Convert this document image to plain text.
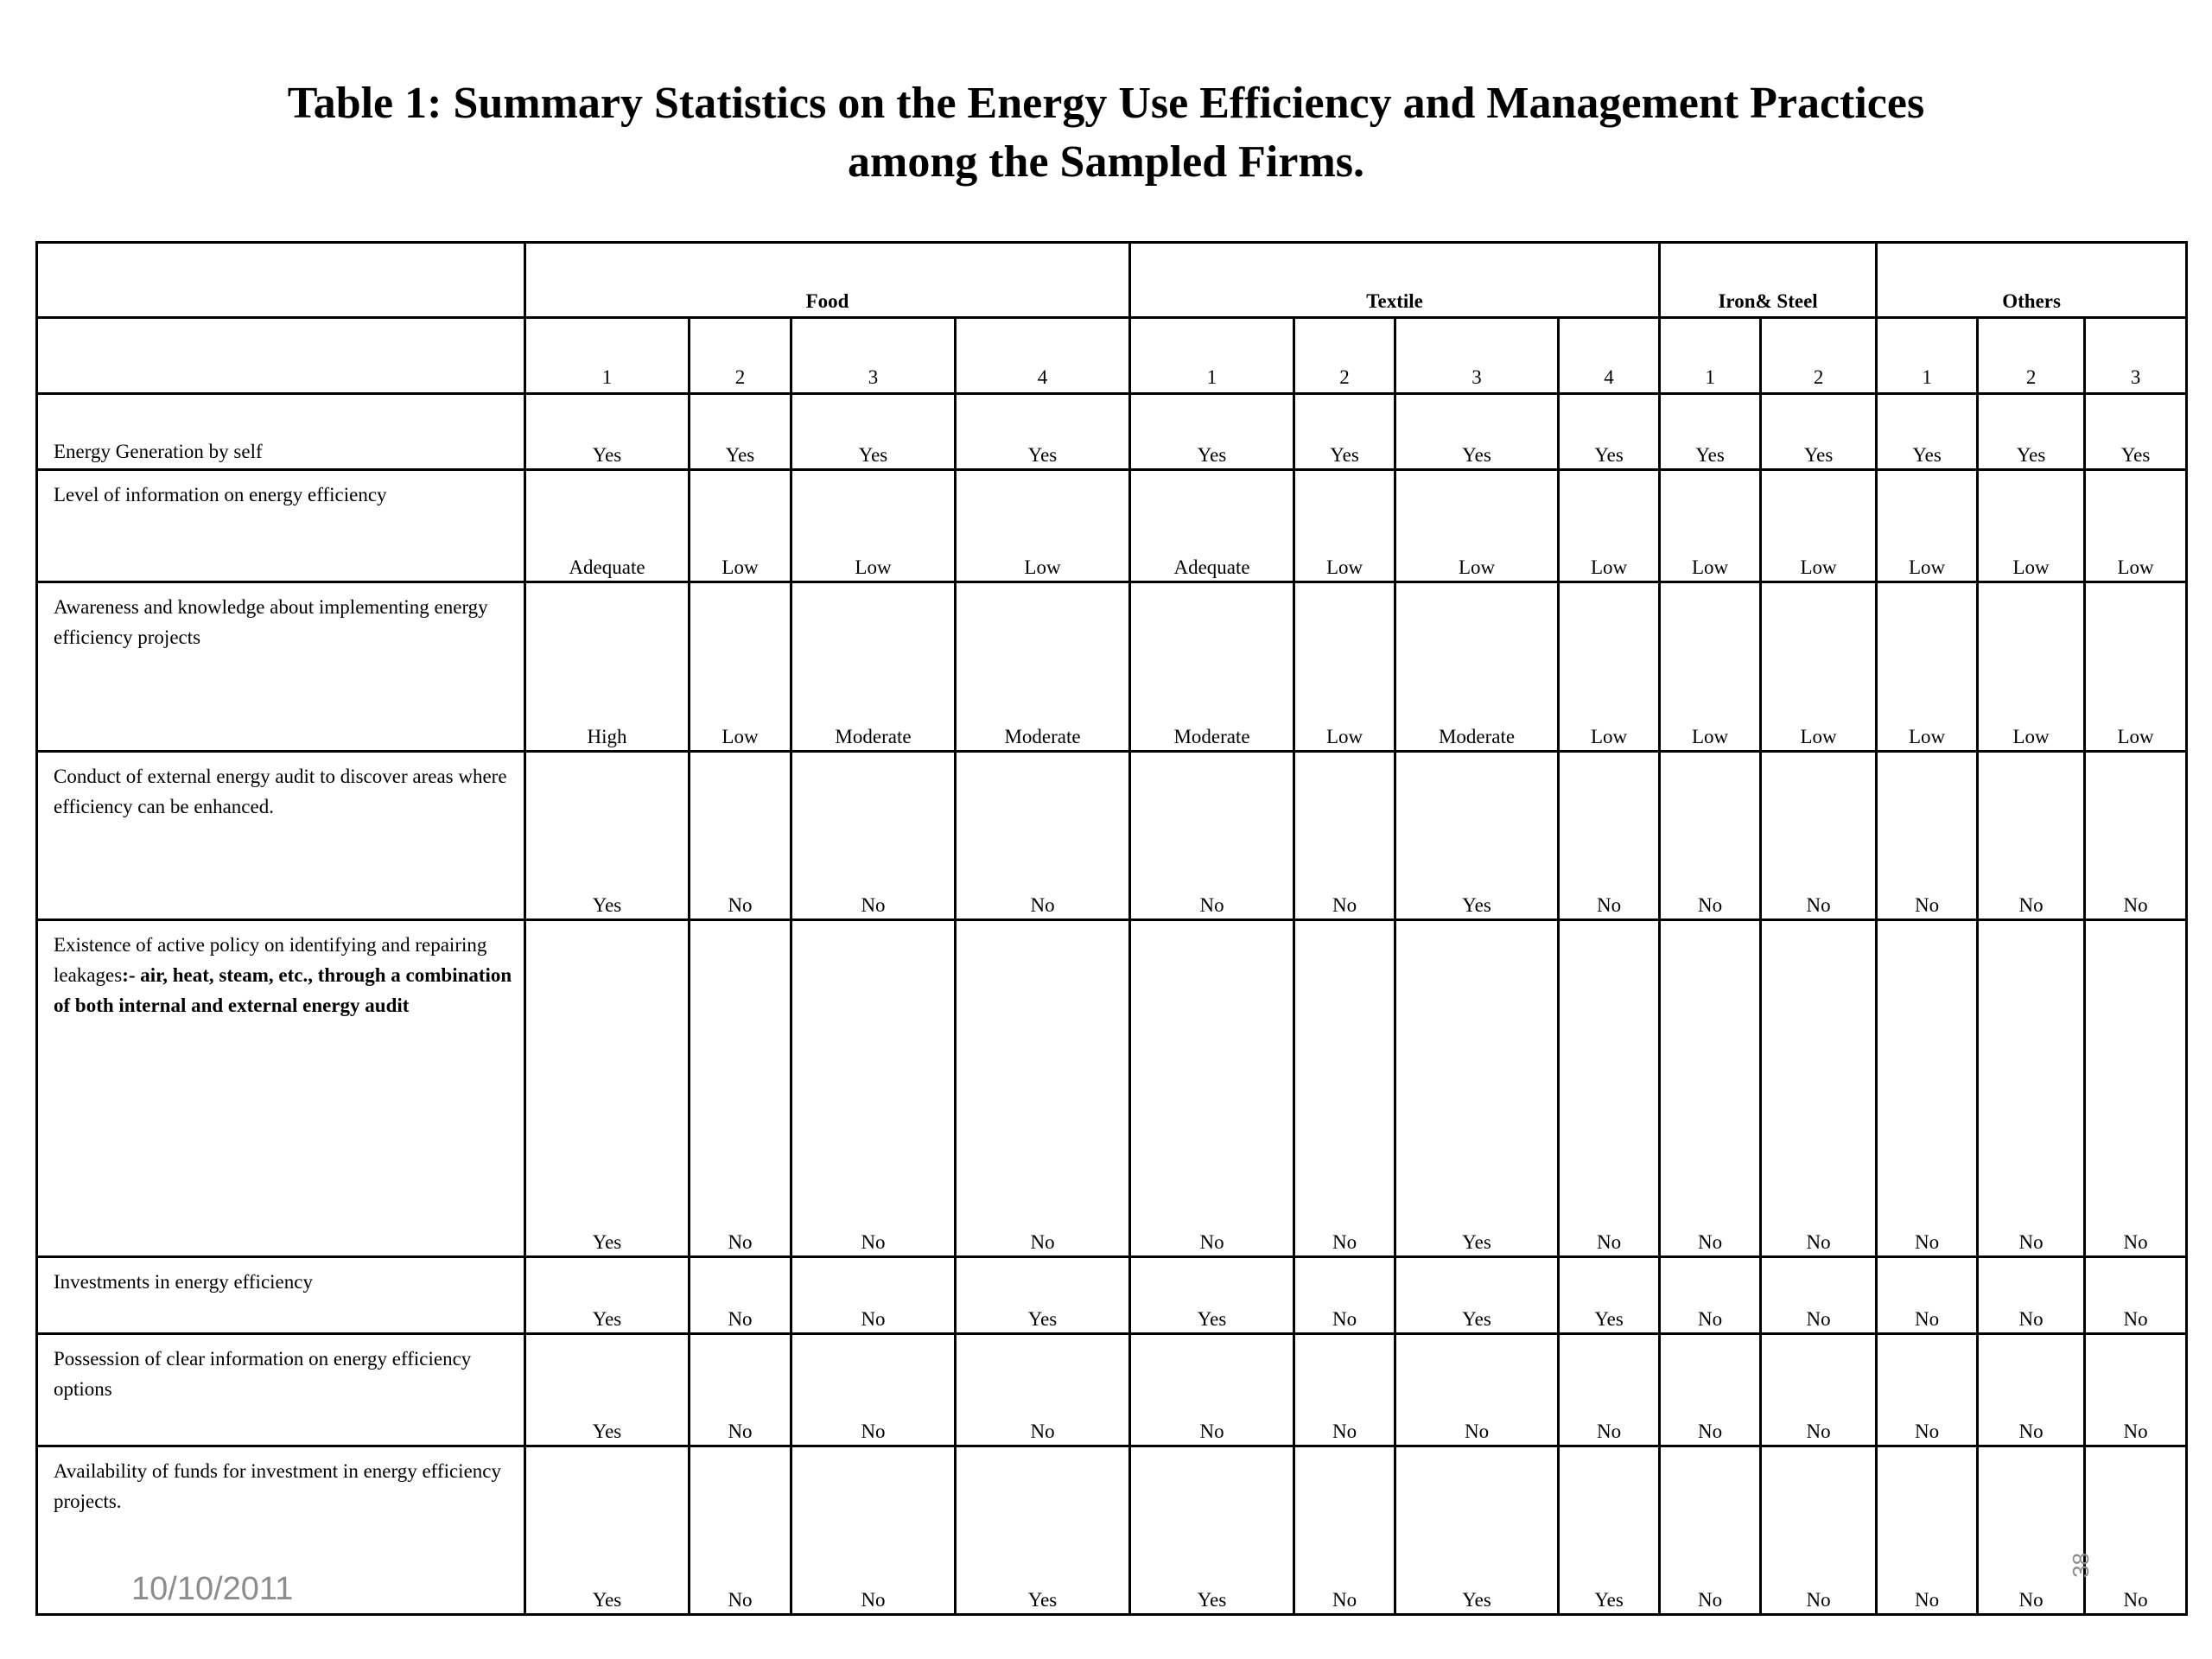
Table 1: Summary Statistics on the Energy Use Efficiency and Management Practices
among the Sampled Firms.
	Food				Textile				Iron& Steel		Others		
	1	2	3	4	1	2	3	4	1	2	1	2	3
Energy Generation by self	Yes	Yes	Yes	Yes	Yes	Yes	Yes	Yes	Yes	Yes	Yes	Yes	Yes
Level of information on energy efficiency	Adequate	Low	Low	Low	Adequate	Low	Low	Low	Low	Low	Low	Low	Low
Awareness and knowledge about implementing energy efficiency projects	High	Low	Moderate	Moderate	Moderate	Low	Moderate	Low	Low	Low	Low	Low	Low
Conduct of external energy audit to discover areas where efficiency can be enhanced.	Yes	No	No	No	No	No	Yes	No	No	No	No	No	No
Existence of active policy on identifying and repairing leakages:- air, heat, steam, etc., through a combination of both internal and external energy audit	Yes	No	No	No	No	No	Yes	No	No	No	No	No	No
Investments in energy efficiency	Yes	No	No	Yes	Yes	No	Yes	Yes	No	No	No	No	No
Possession of clear information on energy efficiency options	Yes	No	No	No	No	No	No	No	No	No	No	No	No
Availability of funds for investment in energy efficiency projects.	Yes	No	No	Yes	Yes	No	Yes	Yes	No	No	No	No	No
10/10/2011
38
